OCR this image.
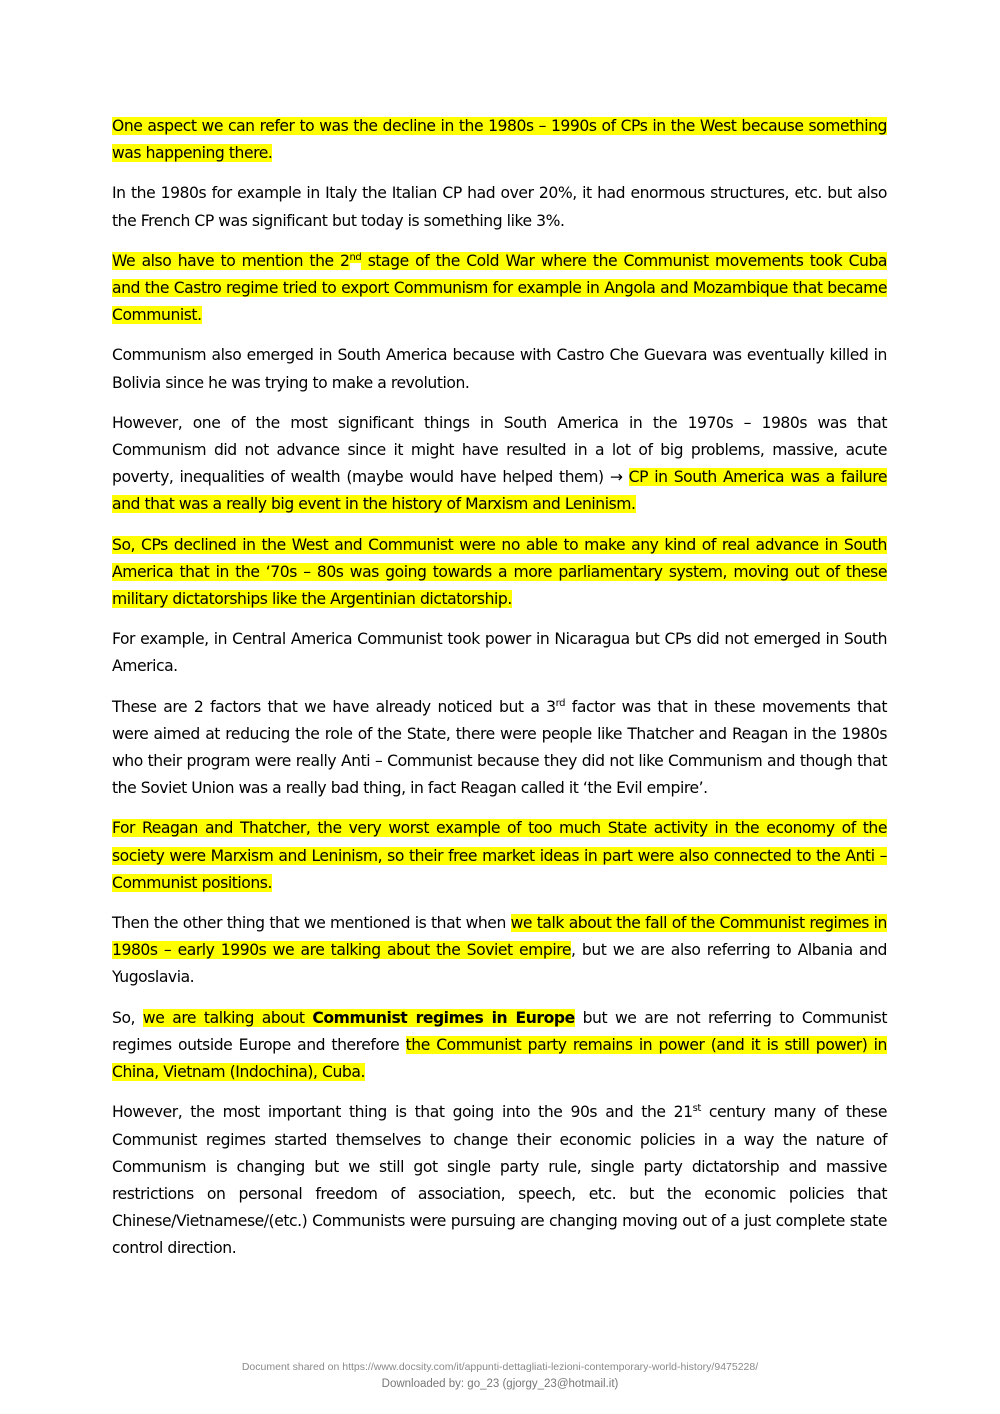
One aspect we can refer to was the decline in the 1980s – 1990s of CPs in the West because something was happening there.

In the 1980s for example in Italy the Italian CP had over 20%, it had enormous structures, etc. but also the French CP was significant but today is something like 3%.

We also have to mention the 2nd stage of the Cold War where the Communist movements took Cuba and the Castro regime tried to export Communism for example in Angola and Mozambique that became Communist.

Communism also emerged in South America because with Castro Che Guevara was eventually killed in Bolivia since he was trying to make a revolution.

However, one of the most significant things in South America in the 1970s – 1980s was that Communism did not advance since it might have resulted in a lot of big problems, massive, acute poverty, inequalities of wealth (maybe would have helped them) → CP in South America was a failure and that was a really big event in the history of Marxism and Leninism.

So, CPs declined in the West and Communist were no able to make any kind of real advance in South America that in the ‘70s – 80s was going towards a more parliamentary system, moving out of these military dictatorships like the Argentinian dictatorship.

For example, in Central America Communist took power in Nicaragua but CPs did not emerged in South America.

These are 2 factors that we have already noticed but a 3rd factor was that in these movements that were aimed at reducing the role of the State, there were people like Thatcher and Reagan in the 1980s who their program were really Anti – Communist because they did not like Communism and though that the Soviet Union was a really bad thing, in fact Reagan called it ‘the Evil empire’.

For Reagan and Thatcher, the very worst example of too much State activity in the economy of the society were Marxism and Leninism, so their free market ideas in part were also connected to the Anti – Communist positions.

Then the other thing that we mentioned is that when we talk about the fall of the Communist regimes in 1980s – early 1990s we are talking about the Soviet empire, but we are also referring to Albania and Yugoslavia.

So, we are talking about Communist regimes in Europe but we are not referring to Communist regimes outside Europe and therefore the Communist party remains in power (and it is still power) in China, Vietnam (Indochina), Cuba.

However, the most important thing is that going into the 90s and the 21st century many of these Communist regimes started themselves to change their economic policies in a way the nature of Communism is changing but we still got single party rule, single party dictatorship and massive restrictions on personal freedom of association, speech, etc. but the economic policies that Chinese/Vietnamese/(etc.) Communists were pursuing are changing moving out of a just complete state control direction.

Document shared on https://www.docsity.com/it/appunti-dettagliati-lezioni-contemporary-world-history/9475228/
Downloaded by: go_23 (gjorgy_23@hotmail.it)
